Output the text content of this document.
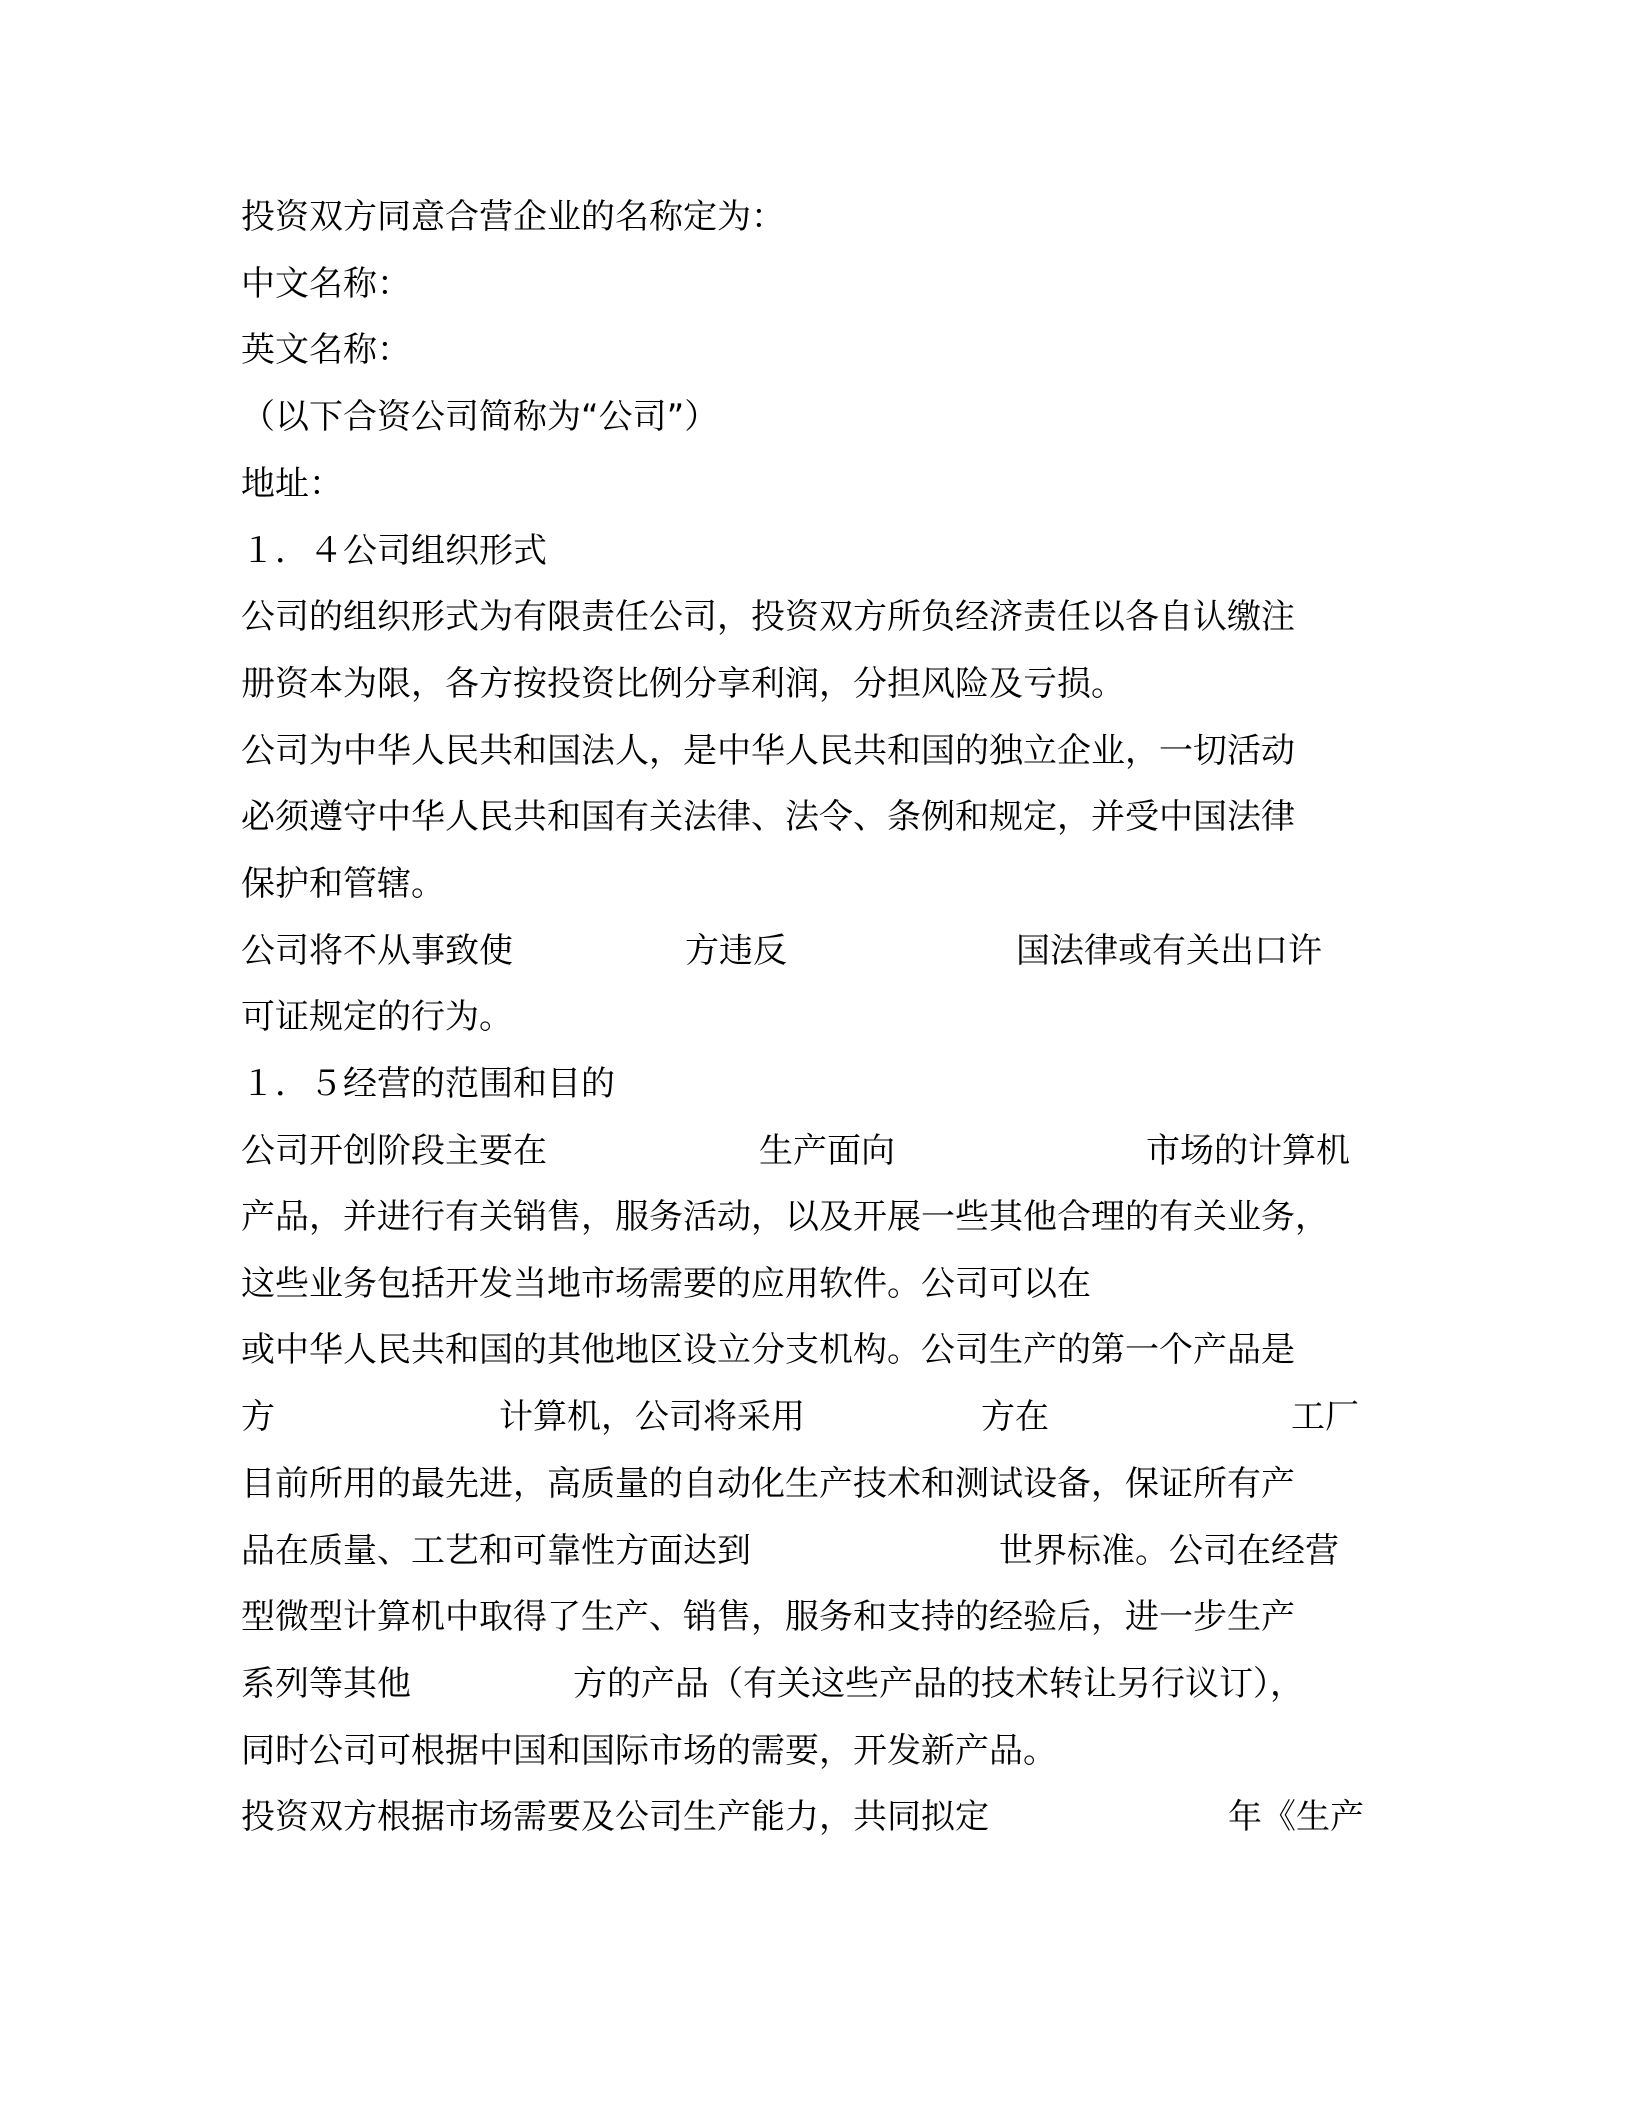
投资双方同意合营企业的名称定为：
中文名称：
英文名称：
（以下合资公司简称为“公司”）
地址：
１．４公司组织形式
公司的组织形式为有限责任公司，投资双方所负经济责任以各自认缴注
册资本为限，各方按投资比例分享利润，分担风险及亏损。
公司为中华人民共和国法人，是中华人民共和国的独立企业，一切活动
必须遵守中华人民共和国有关法律、法令、条例和规定，并受中国法律
保护和管辖。
公司将不从事致使	方违反	国法律或有关出口许
可证规定的行为。
１．５经营的范围和目的
公司开创阶段主要在	生产面向	市场的计算机
产品，并进行有关销售，服务活动，以及开展一些其他合理的有关业务，
这些业务包括开发当地市场需要的应用软件。公司可以在
或中华人民共和国的其他地区设立分支机构。公司生产的第一个产品是
方	计算机，公司将采用	方在	工厂
目前所用的最先进，高质量的自动化生产技术和测试设备，保证所有产
品在质量、工艺和可靠性方面达到	世界标准。公司在经营
型微型计算机中取得了生产、销售，服务和支持的经验后，进一步生产
系列等其他	方的产品（有关这些产品的技术转让另行议订），
同时公司可根据中国和国际市场的需要，开发新产品。
投资双方根据市场需要及公司生产能力，共同拟定	年《生产
